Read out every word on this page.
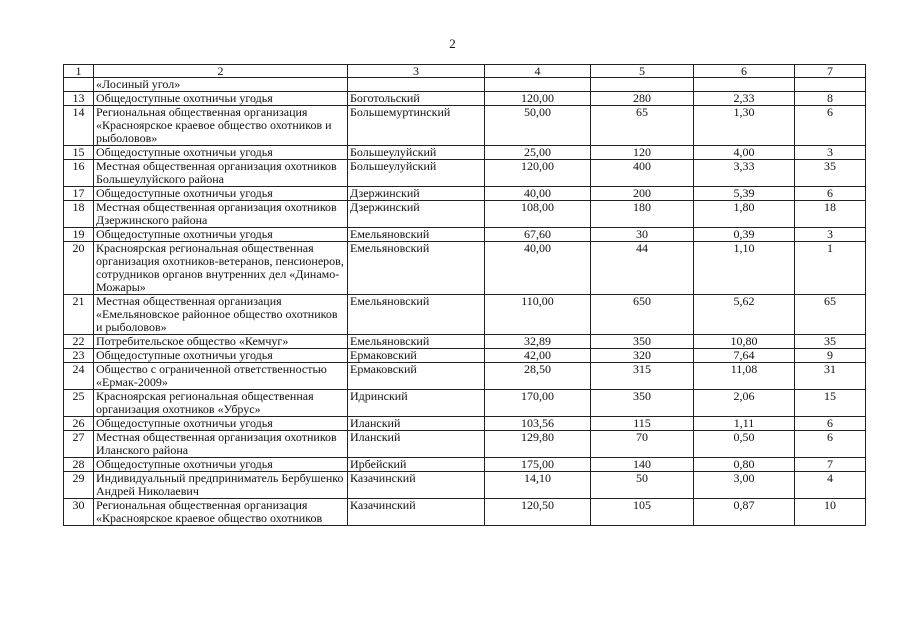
2
1	2	3	4	5	6	7
	«Лосиный угол»					
13	Общедоступные охотничьи угодья	Боготольский	120,00	280	2,33	8
14	Региональная общественная организация «Красноярское краевое общество охотников и рыболовов»	Большемуртинский	50,00	65	1,30	6
15	Общедоступные охотничьи угодья	Большеулуйский	25,00	120	4,00	3
16	Местная общественная организация охотников Большеулуйского района	Большеулуйский	120,00	400	3,33	35
17	Общедоступные охотничьи угодья	Дзержинский	40,00	200	5,39	6
18	Местная общественная организация охотников Дзержинского района	Дзержинский	108,00	180	1,80	18
19	Общедоступные охотничьи угодья	Емельяновский	67,60	30	0,39	3
20	Красноярская региональная общественная организация охотников-ветеранов, пенсионеров, сотрудников органов внутренних дел «Динамо-Можары»	Емельяновский	40,00	44	1,10	1
21	Местная общественная организация «Емельяновское районное общество охотников и рыболовов»	Емельяновский	110,00	650	5,62	65
22	Потребительское общество «Кемчуг»	Емельяновский	32,89	350	10,80	35
23	Общедоступные охотничьи угодья	Ермаковский	42,00	320	7,64	9
24	Общество с ограниченной ответственностью «Ермак-2009»	Ермаковский	28,50	315	11,08	31
25	Красноярская региональная общественная организация охотников «Убрус»	Идринский	170,00	350	2,06	15
26	Общедоступные охотничьи угодья	Иланский	103,56	115	1,11	6
27	Местная общественная организация охотников Иланского района	Иланский	129,80	70	0,50	6
28	Общедоступные охотничьи угодья	Ирбейский	175,00	140	0,80	7
29	Индивидуальный предприниматель Бербушенко Андрей Николаевич	Казачинский	14,10	50	3,00	4
30	Региональная общественная организация «Красноярское краевое общество охотников	Казачинский	120,50	105	0,87	10
